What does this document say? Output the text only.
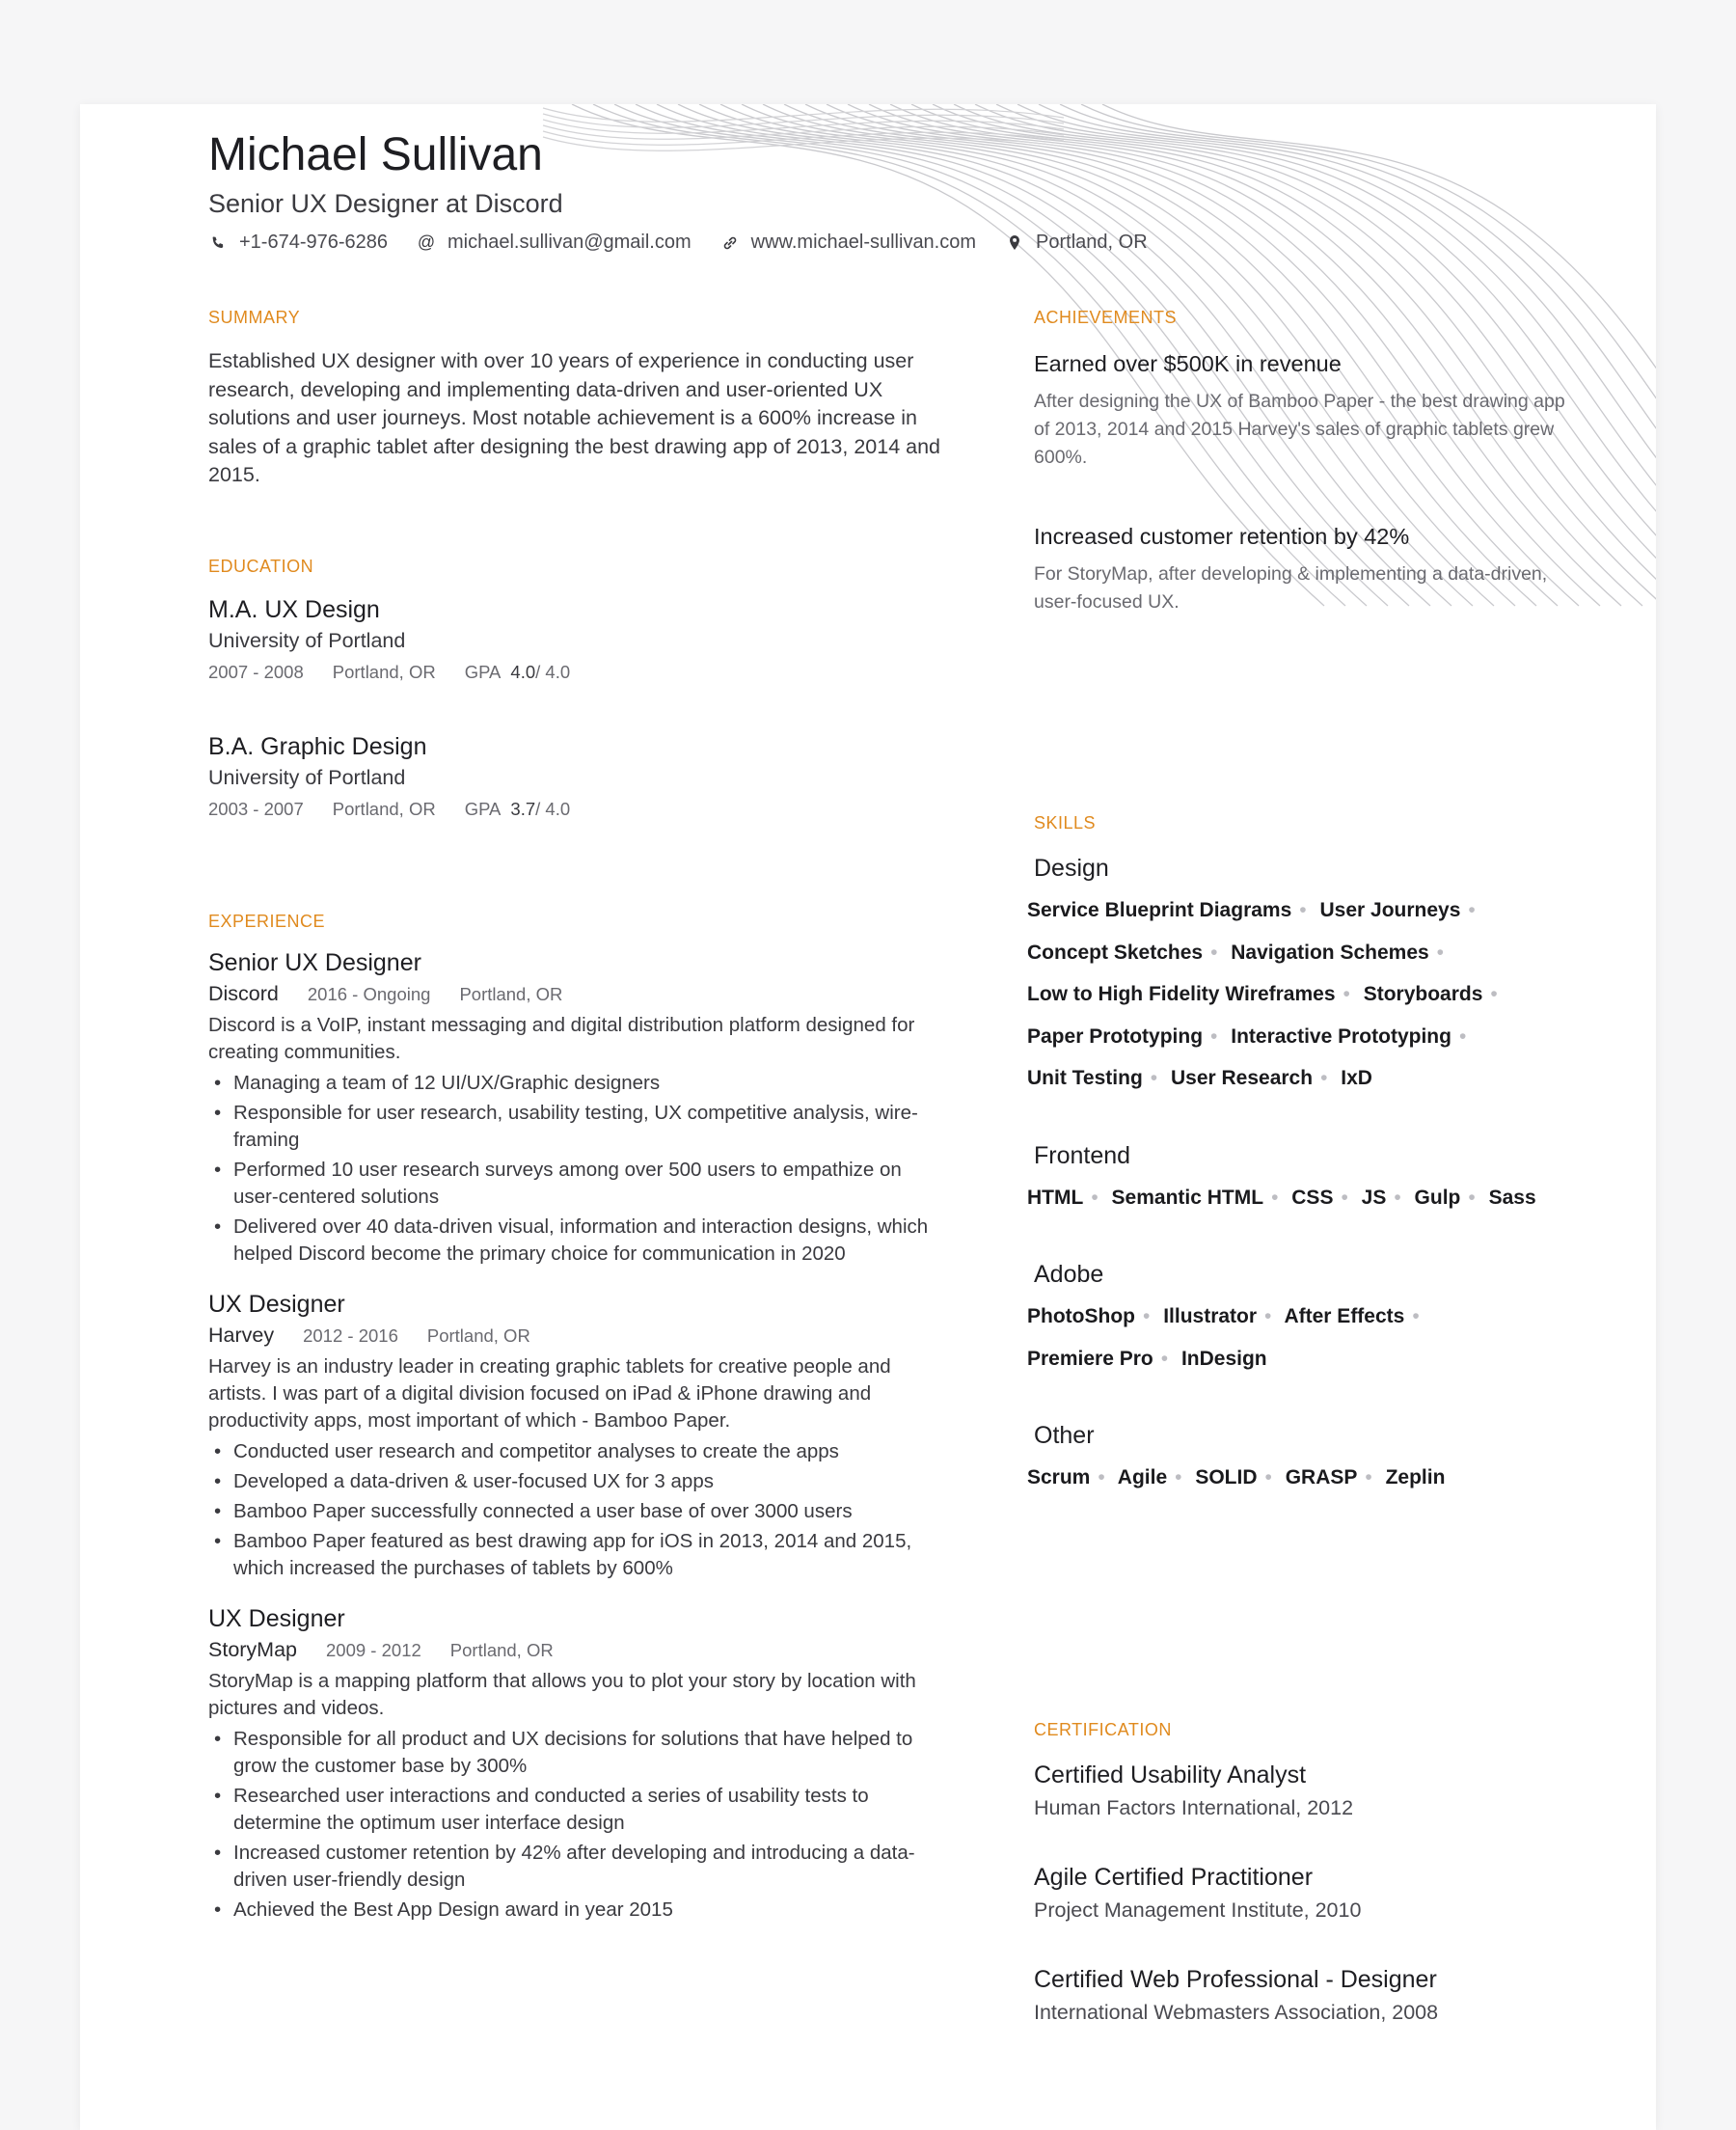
Michael Sullivan
Senior UX Designer at Discord
+1-674-976-6286 @ michael.sullivan@gmail.com	www.michael-sullivan.com	Portland, OR
SUMMARY
Established UX designer with over 10 years of experience in conducting user research, developing and implementing data-driven and user-oriented UX solutions and user journeys. Most notable achievement is a 600% increase in sales of a graphic tablet after designing the best drawing app of 2013, 2014 and 2015.
EDUCATION
M.A. UX Design
University of Portland
2007 - 2008 Portland, OR GPA 4.0 / 4.0
B.A. Graphic Design
University of Portland
2003 - 2007 Portland, OR GPA 3.7 / 4.0
EXPERIENCE
Senior UX Designer
Discord 2016 - Ongoing Portland, OR
Discord is a VoIP, instant messaging and digital distribution platform designed for creating communities.
• Managing a team of 12 UI/UX/Graphic designers
• Responsible for user research, usability testing, UX competitive analysis, wire-framing
• Performed 10 user research surveys among over 500 users to empathize on user-centered solutions
• Delivered over 40 data-driven visual, information and interaction designs, which helped Discord become the primary choice for communication in 2020
UX Designer
Harvey 2012 - 2016 Portland, OR
Harvey is an industry leader in creating graphic tablets for creative people and artists. I was part of a digital division focused on iPad & iPhone drawing and productivity apps, most important of which - Bamboo Paper.
• Conducted user research and competitor analyses to create the apps
• Developed a data-driven & user-focused UX for 3 apps
• Bamboo Paper successfully connected a user base of over 3000 users
• Bamboo Paper featured as best drawing app for iOS in 2013, 2014 and 2015, which increased the purchases of tablets by 600%
UX Designer
StoryMap 2009 - 2012 Portland, OR
StoryMap is a mapping platform that allows you to plot your story by location with pictures and videos.
• Responsible for all product and UX decisions for solutions that have helped to grow the customer base by 300%
• Researched user interactions and conducted a series of usability tests to determine the optimum user interface design
• Increased customer retention by 42% after developing and introducing a data-driven user-friendly design
• Achieved the Best App Design award in year 2015
ACHIEVEMENTS
Earned over $500K in revenue
After designing the UX of Bamboo Paper - the best drawing app of 2013, 2014 and 2015 Harvey's sales of graphic tablets grew 600%.
Increased customer retention by 42%
For StoryMap, after developing & implementing a data-driven, user-focused UX.
SKILLS
Design
Service Blueprint Diagrams • User Journeys • Concept Sketches • Navigation Schemes • Low to High Fidelity Wireframes • Storyboards • Paper Prototyping • Interactive Prototyping • Unit Testing • User Research • IxD
Frontend
HTML • Semantic HTML • CSS • JS • Gulp • Sass
Adobe
PhotoShop • Illustrator • After Effects • Premiere Pro • InDesign
Other
Scrum • Agile • SOLID • GRASP • Zeplin
CERTIFICATION
Certified Usability Analyst
Human Factors International, 2012
Agile Certified Practitioner
Project Management Institute, 2010
Certified Web Professional - Designer
International Webmasters Association, 2008
